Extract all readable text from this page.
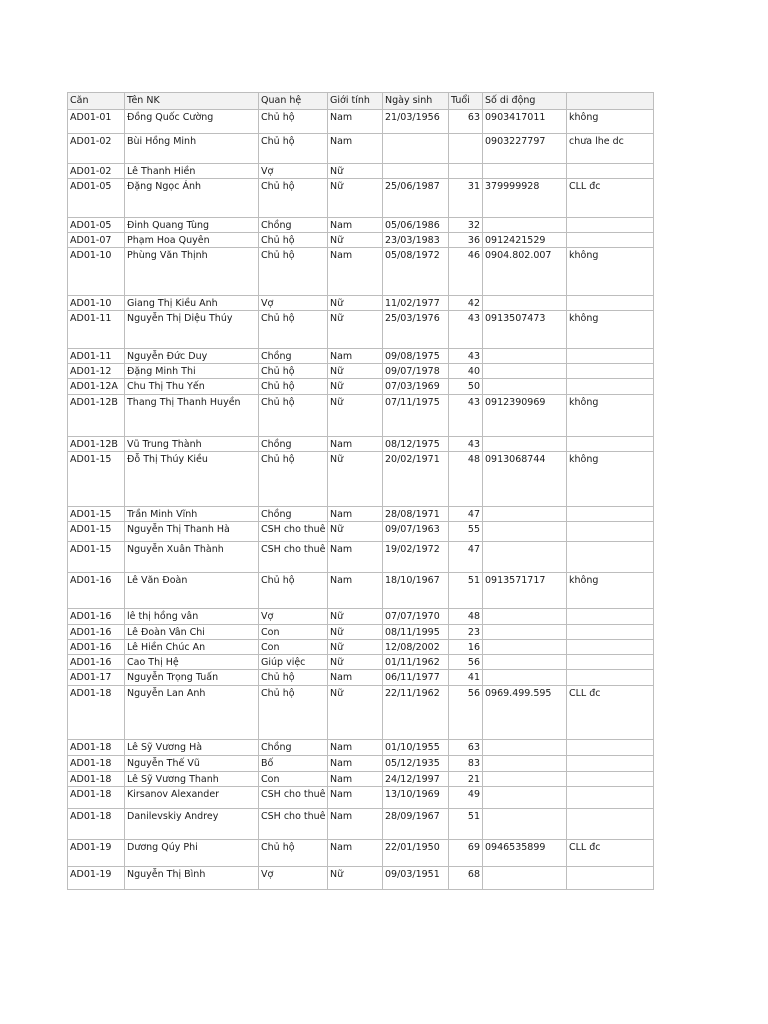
Căn	Tên NK	Quan hệ	Giới tính	Ngày sinh	Tuổi	Số di động	
AD01-01	Đồng Quốc Cường	Chủ hộ	Nam	21/03/1956	63	0903417011	không
AD01-02	Bùi Hồng Minh	Chủ hộ	Nam			0903227797	chưa lhe dc
AD01-02	Lê Thanh Hiền	Vợ	Nữ				
AD01-05	Đặng Ngọc Ánh	Chủ hộ	Nữ	25/06/1987	31	379999928	CLL đc
AD01-05	Đinh Quang Tùng	Chồng	Nam	05/06/1986	32		
AD01-07	Phạm Hoa Quyên	Chủ hộ	Nữ	23/03/1983	36	0912421529	
AD01-10	Phùng Văn Thịnh	Chủ hộ	Nam	05/08/1972	46	0904.802.007	không
AD01-10	Giang Thị Kiều Anh	Vợ	Nữ	11/02/1977	42		
AD01-11	Nguyễn Thị Diệu Thúy	Chủ hộ	Nữ	25/03/1976	43	0913507473	không
AD01-11	Nguyễn Đức Duy	Chồng	Nam	09/08/1975	43		
AD01-12	Đặng Minh Thi	Chủ hộ	Nữ	09/07/1978	40		
AD01-12A	Chu Thị Thu Yến	Chủ hộ	Nữ	07/03/1969	50		
AD01-12B	Thang Thị Thanh Huyền	Chủ hộ	Nữ	07/11/1975	43	0912390969	không
AD01-12B	Vũ Trung Thành	Chồng	Nam	08/12/1975	43		
AD01-15	Đỗ Thị Thúy Kiều	Chủ hộ	Nữ	20/02/1971	48	0913068744	không
AD01-15	Trần Minh Vĩnh	Chồng	Nam	28/08/1971	47		
AD01-15	Nguyễn Thị Thanh Hà	CSH cho thuê	Nữ	09/07/1963	55		
AD01-15	Nguyễn Xuân Thành	CSH cho thuê	Nam	19/02/1972	47		
AD01-16	Lê Văn Đoàn	Chủ hộ	Nam	18/10/1967	51	0913571717	không
AD01-16	lê thị hồng vân	Vợ	Nữ	07/07/1970	48		
AD01-16	Lê Đoàn Vân Chi	Con	Nữ	08/11/1995	23		
AD01-16	Lê Hiền Chúc An	Con	Nữ	12/08/2002	16		
AD01-16	Cao Thị Hệ	Giúp việc	Nữ	01/11/1962	56		
AD01-17	Nguyễn Trọng Tuấn	Chủ hộ	Nam	06/11/1977	41		
AD01-18	Nguyễn Lan Anh	Chủ hộ	Nữ	22/11/1962	56	0969.499.595	CLL đc
AD01-18	Lê Sỹ Vương Hà	Chồng	Nam	01/10/1955	63		
AD01-18	Nguyễn Thế Vũ	Bố	Nam	05/12/1935	83		
AD01-18	Lê Sỹ Vương Thanh	Con	Nam	24/12/1997	21		
AD01-18	Kirsanov Alexander	CSH cho thuê	Nam	13/10/1969	49		
AD01-18	Danilevskiy Andrey	CSH cho thuê	Nam	28/09/1967	51		
AD01-19	Dương Qúy Phi	Chủ hộ	Nam	22/01/1950	69	0946535899	CLL đc
AD01-19	Nguyễn Thị Bình	Vợ	Nữ	09/03/1951	68		
